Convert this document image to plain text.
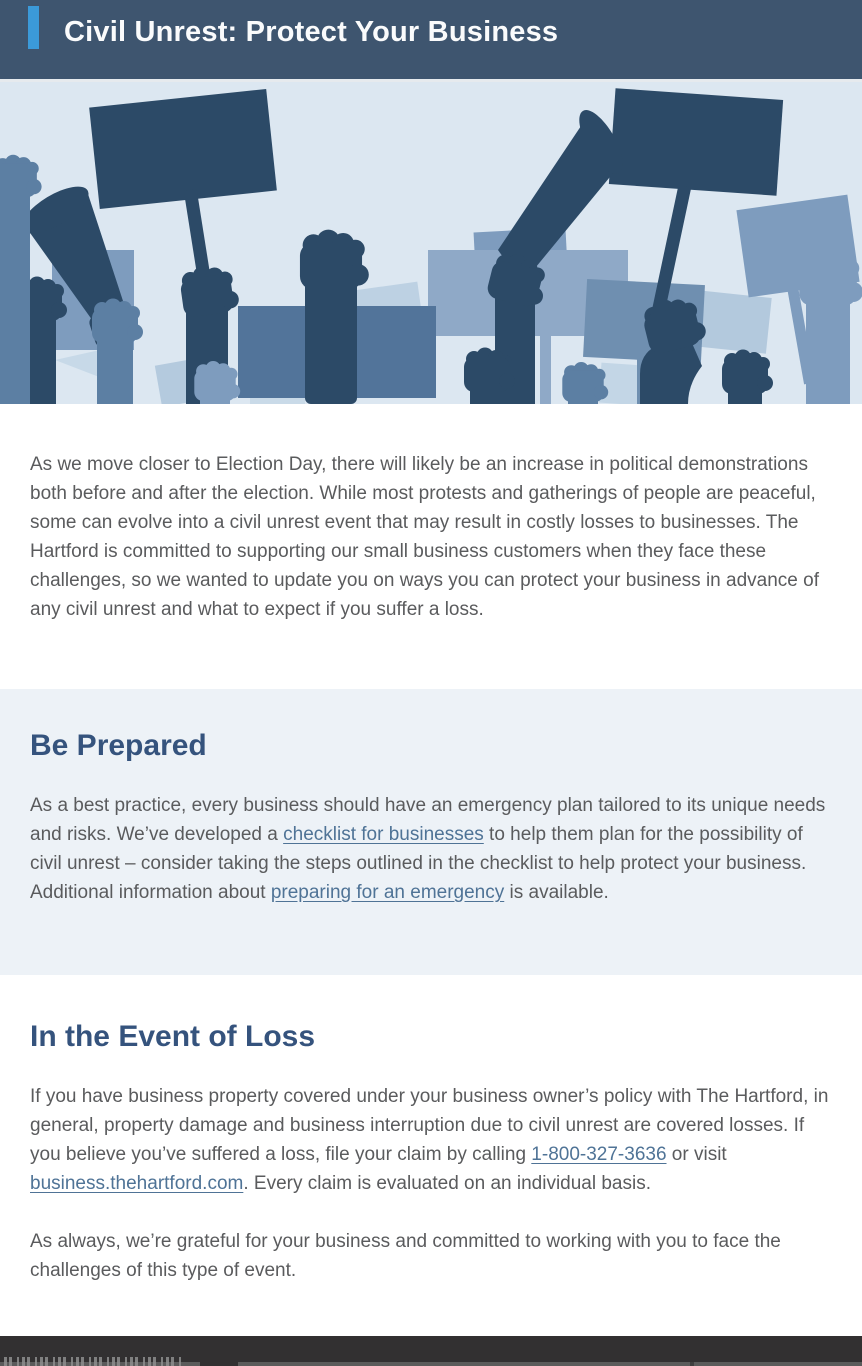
Civil Unrest: Protect Your Business

As we move closer to Election Day, there will likely be an increase in political demonstrations both before and after the election. While most protests and gatherings of people are peaceful, some can evolve into a civil unrest event that may result in costly losses to businesses. The Hartford is committed to supporting our small business customers when they face these challenges, so we wanted to update you on ways you can protect your business in advance of any civil unrest and what to expect if you suffer a loss.

Be Prepared

As a best practice, every business should have an emergency plan tailored to its unique needs and risks. We’ve developed a checklist for businesses to help them plan for the possibility of civil unrest – consider taking the steps outlined in the checklist to help protect your business. Additional information about preparing for an emergency is available.

In the Event of Loss

If you have business property covered under your business owner’s policy with The Hartford, in general, property damage and business interruption due to civil unrest are covered losses. If you believe you’ve suffered a loss, file your claim by calling 1-800-327-3636 or visit business.thehartford.com. Every claim is evaluated on an individual basis.

As always, we’re grateful for your business and committed to working with you to face the challenges of this type of event.
